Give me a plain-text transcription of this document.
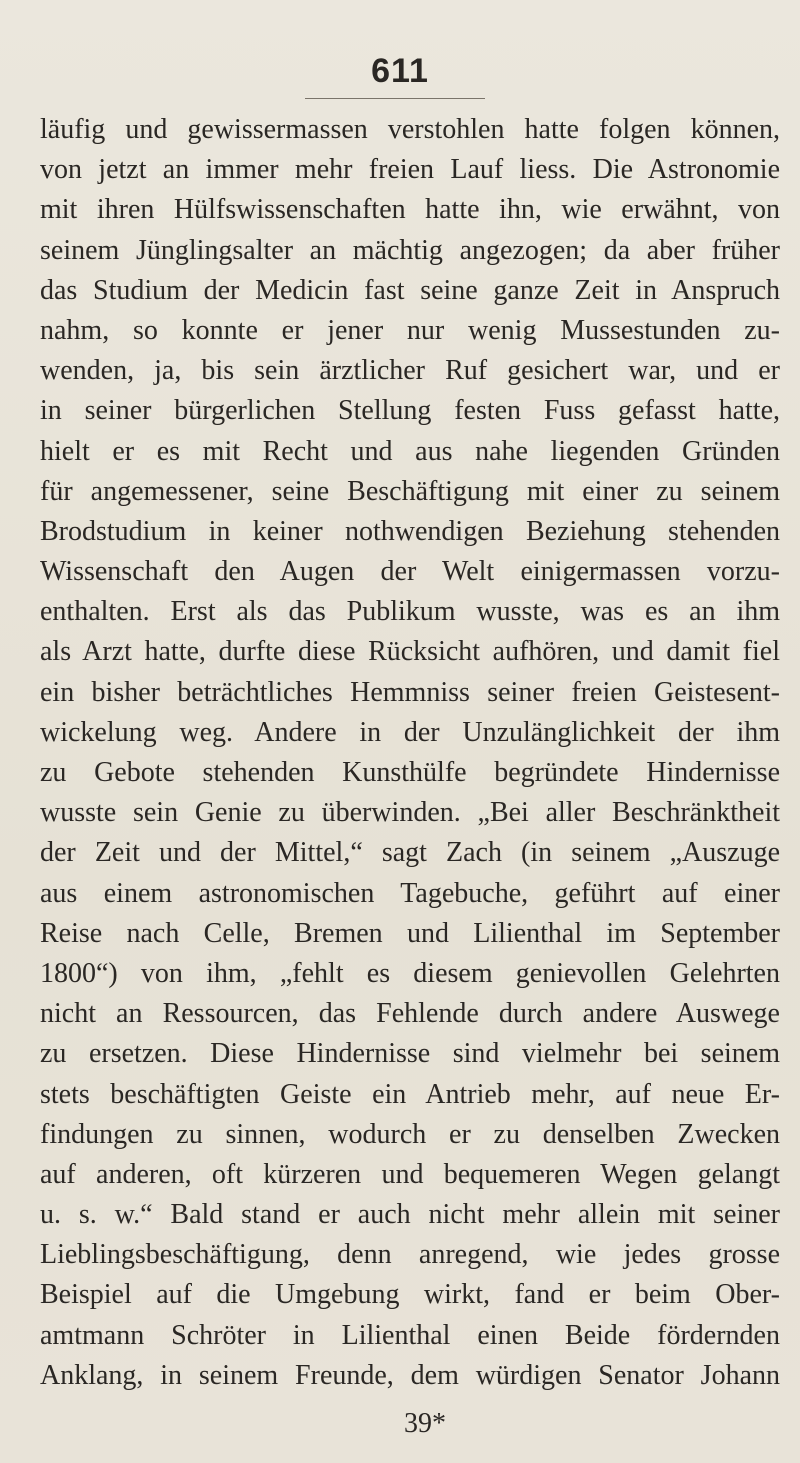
611
läufig und gewissermassen verstohlen hatte folgen können,
von jetzt an immer mehr freien Lauf liess. Die Astronomie
mit ihren Hülfswissenschaften hatte ihn, wie erwähnt, von
seinem Jünglingsalter an mächtig angezogen; da aber früher
das Studium der Medicin fast seine ganze Zeit in Anspruch
nahm, so konnte er jener nur wenig Mussestunden zu-
wenden, ja, bis sein ärztlicher Ruf gesichert war, und er
in seiner bürgerlichen Stellung festen Fuss gefasst hatte,
hielt er es mit Recht und aus nahe liegenden Gründen
für angemessener, seine Beschäftigung mit einer zu seinem
Brodstudium in keiner nothwendigen Beziehung stehenden
Wissenschaft den Augen der Welt einigermassen vorzu-
enthalten. Erst als das Publikum wusste, was es an ihm
als Arzt hatte, durfte diese Rücksicht aufhören, und damit fiel
ein bisher beträchtliches Hemmniss seiner freien Geistesent-
wickelung weg. Andere in der Unzulänglichkeit der ihm
zu Gebote stehenden Kunsthülfe begründete Hindernisse
wusste sein Genie zu überwinden. „Bei aller Beschränktheit
der Zeit und der Mittel,“ sagt Zach (in seinem „Auszuge
aus einem astronomischen Tagebuche, geführt auf einer
Reise nach Celle, Bremen und Lilienthal im September
1800“) von ihm, „fehlt es diesem genievollen Gelehrten
nicht an Ressourcen, das Fehlende durch andere Auswege
zu ersetzen. Diese Hindernisse sind vielmehr bei seinem
stets beschäftigten Geiste ein Antrieb mehr, auf neue Er-
findungen zu sinnen, wodurch er zu denselben Zwecken
auf anderen, oft kürzeren und bequemeren Wegen gelangt
u. s. w.“ Bald stand er auch nicht mehr allein mit seiner
Lieblingsbeschäftigung, denn anregend, wie jedes grosse
Beispiel auf die Umgebung wirkt, fand er beim Ober-
amtmann Schröter in Lilienthal einen Beide fördernden
Anklang, in seinem Freunde, dem würdigen Senator Johann
39*
